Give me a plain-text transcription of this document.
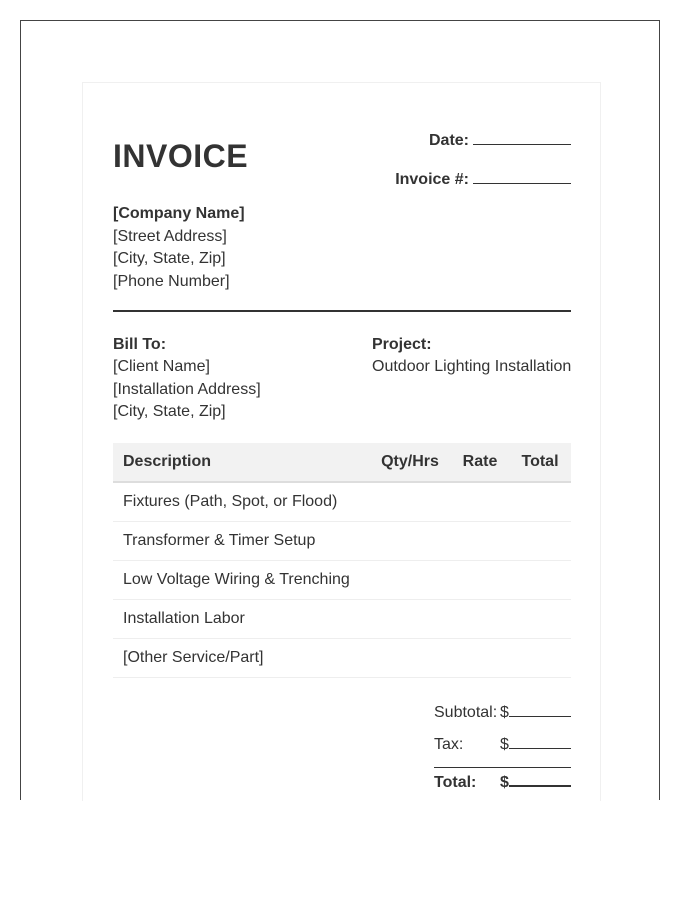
INVOICE	Date:
Invoice #:
[Company Name]
[Street Address]
[City, State, Zip]
[Phone Number]
Bill To:
[Client Name]
[Installation Address]
[City, State, Zip]
Project:
Outdoor Lighting Installation
Description	Qty/Hrs	Rate	Total
Fixtures (Path, Spot, or Flood)			
Transformer & Timer Setup			
Low Voltage Wiring & Trenching			
Installation Labor			
[Other Service/Part]			
Subtotal: $
Tax: $
Total: $
